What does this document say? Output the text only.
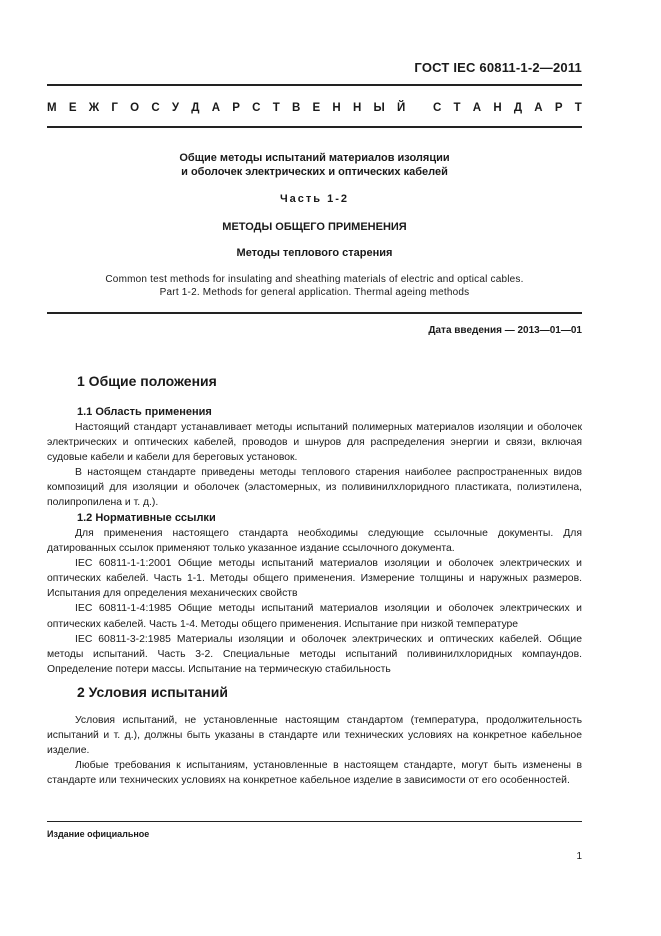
ГОСТ IEC 60811-1-2—2011
М Е Ж Г О С У Д А Р С Т В Е Н Н Ы Й
С Т А Н Д А Р Т
Общие методы испытаний материалов изоляции
и оболочек электрических и оптических кабелей
Часть 1-2
МЕТОДЫ ОБЩЕГО ПРИМЕНЕНИЯ
Методы теплового старения
Common test methods for insulating and sheathing materials of electric and optical cables.
Part 1-2. Methods for general application. Thermal ageing methods
Дата введения — 2013—01—01
1 Общие положения
1.1 Область применения

Настоящий стандарт устанавливает методы испытаний полимерных материалов изоляции и оболочек электрических и оптических кабелей, проводов и шнуров для распределения энергии и связи, включая судовые кабели и кабели для береговых установок.

В настоящем стандарте приведены методы теплового старения наиболее распространенных видов композиций для изоляции и оболочек (эластомерных, из поливинилхлоридного пластиката, полиэтилена, полипропилена и т. д.).

1.2 Нормативные ссылки

Для применения настоящего стандарта необходимы следующие ссылочные документы. Для датированных ссылок применяют только указанное издание ссылочного документа.

IEC 60811-1-1:2001 Общие методы испытаний материалов изоляции и оболочек электрических и оптических кабелей. Часть 1-1. Методы общего применения. Измерение толщины и наружных размеров. Испытания для определения механических свойств

IEC 60811-1-4:1985 Общие методы испытаний материалов изоляции и оболочек электрических и оптических кабелей. Часть 1-4. Методы общего применения. Испытание при низкой температуре

IEC 60811-3-2:1985 Материалы изоляции и оболочек электрических и оптических кабелей. Общие методы испытаний. Часть 3-2. Специальные методы испытаний поливинилхлоридных компаундов. Определение потери массы. Испытание на термическую стабильность

2 Условия испытаний

Условия испытаний, не установленные настоящим стандартом (температура, продолжительность испытаний и т. д.), должны быть указаны в стандарте или технических условиях на конкретное кабельное изделие.

Любые требования к испытаниям, установленные в настоящем стандарте, могут быть изменены в стандарте или технических условиях на конкретное кабельное изделие в зависимости от его особенностей.

Издание официальное
1
